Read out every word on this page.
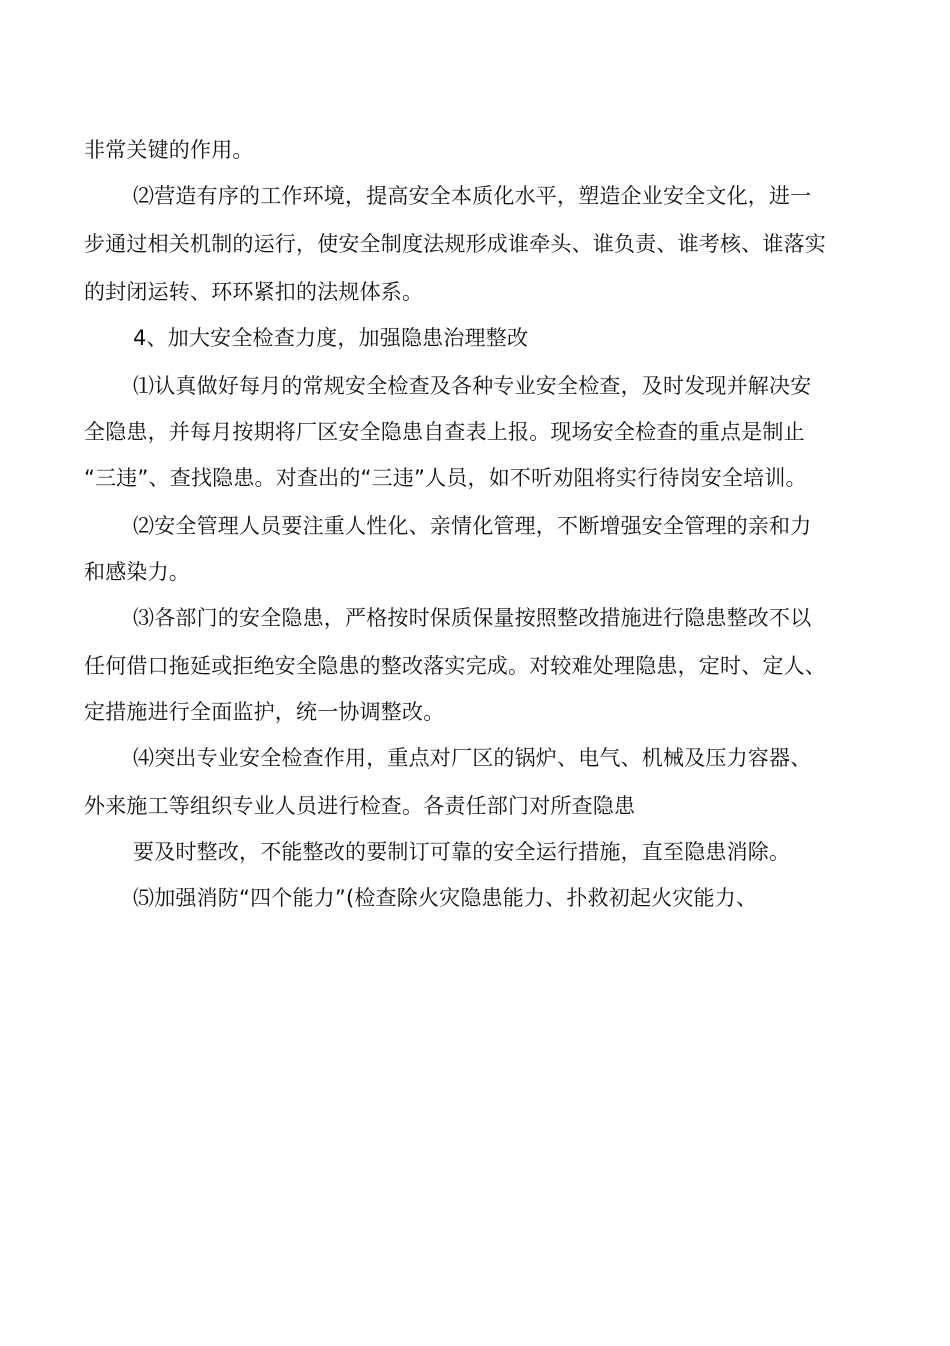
非常关键的作用。
⑵营造有序的工作环境，提高安全本质化水平，塑造企业安全文化，进一
步通过相关机制的运行，使安全制度法规形成谁牵头、谁负责、谁考核、谁落实
的封闭运转、环环紧扣的法规体系。
4、加大安全检查力度，加强隐患治理整改
⑴认真做好每月的常规安全检查及各种专业安全检查，及时发现并解决安
全隐患，并每月按期将厂区安全隐患自查表上报。现场安全检查的重点是制止
“三违”、查找隐患。对查出的“三违”人员，如不听劝阻将实行待岗安全培训。
⑵安全管理人员要注重人性化、亲情化管理，不断增强安全管理的亲和力
和感染力。
⑶各部门的安全隐患，严格按时保质保量按照整改措施进行隐患整改不以
任何借口拖延或拒绝安全隐患的整改落实完成。对较难处理隐患，定时、定人、
定措施进行全面监护，统一协调整改。
⑷突出专业安全检查作用，重点对厂区的锅炉、电气、机械及压力容器、
外来施工等组织专业人员进行检查。各责任部门对所查隐患
要及时整改，不能整改的要制订可靠的安全运行措施，直至隐患消除。
⑸加强消防“四个能力”(检查除火灾隐患能力、扑救初起火灾能力、
